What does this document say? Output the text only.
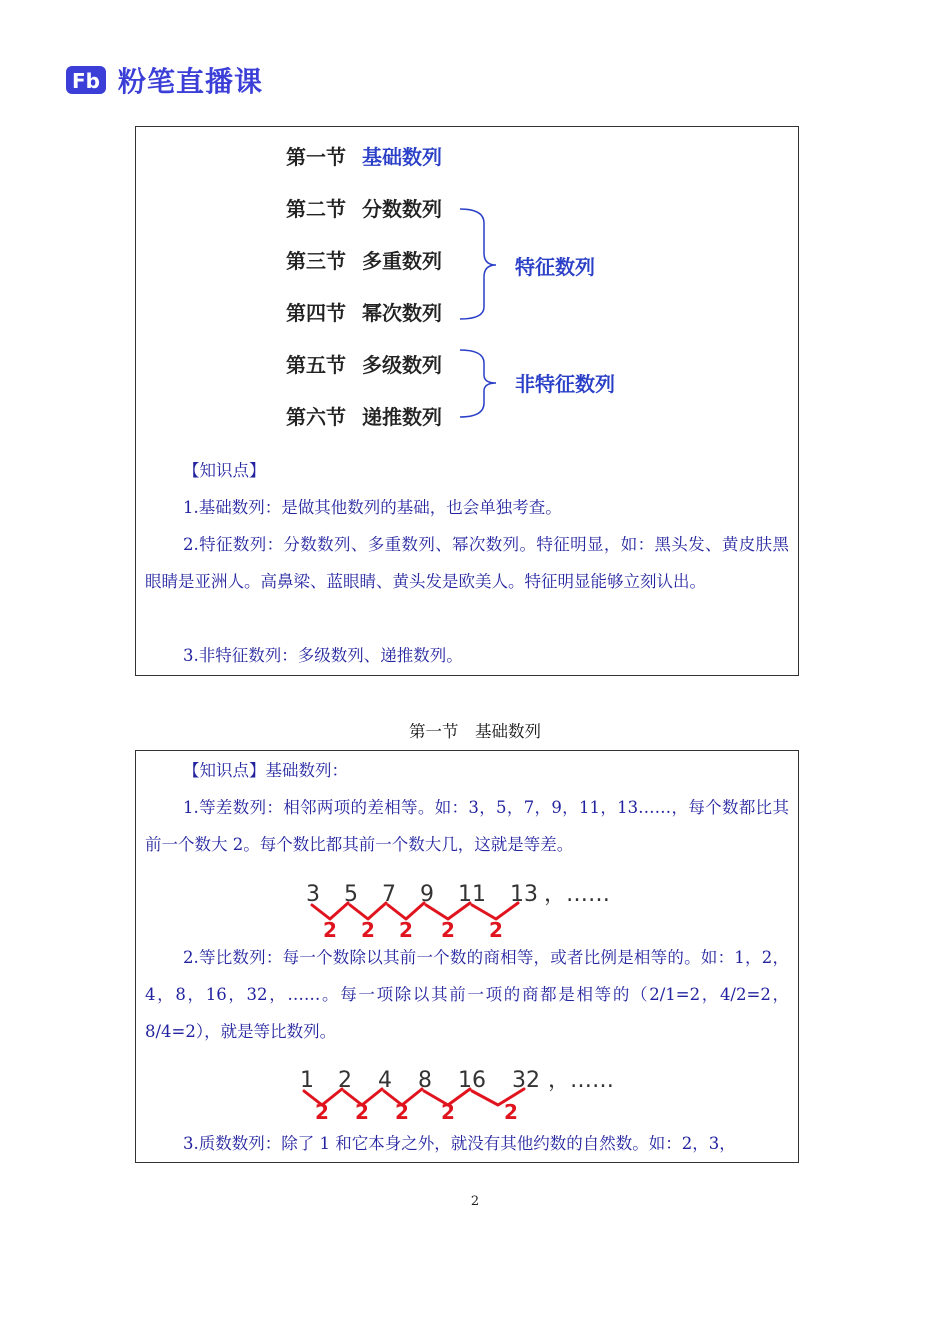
Fb 粉笔直播课
第一节 基础数列
第二节 分数数列
第三节 多重数列
第四节 幂次数列
第五节 多级数列
第六节 递推数列
特征数列
非特征数列
【知识点】
1.基础数列：是做其他数列的基础，也会单独考查。
2.特征数列：分数数列、多重数列、幂次数列。特征明显，如：黑头发、黄皮肤黑眼睛是亚洲人。高鼻梁、蓝眼睛、黄头发是欧美人。特征明显能够立刻认出。
3.非特征数列：多级数列、递推数列。
第一节　基础数列
【知识点】基础数列：
1.等差数列：相邻两项的差相等。如：3，5，7，9，11，13……，每个数都比其前一个数大 2。每个数比都其前一个数大几，这就是等差。
3 5 7 9 11 13 ，……
2 2 2 2 2
2.等比数列：每一个数除以其前一个数的商相等，或者比例是相等的。如：1，2，4，8，16，32，……。每一项除以其前一项的商都是相等的（2/1=2，4/2=2，8/4=2），就是等比数列。
1 2 4 8 16 32 ，……
2 2 2 2 2
3.质数数列：除了 1 和它本身之外，就没有其他约数的自然数。如：2，3，
2
